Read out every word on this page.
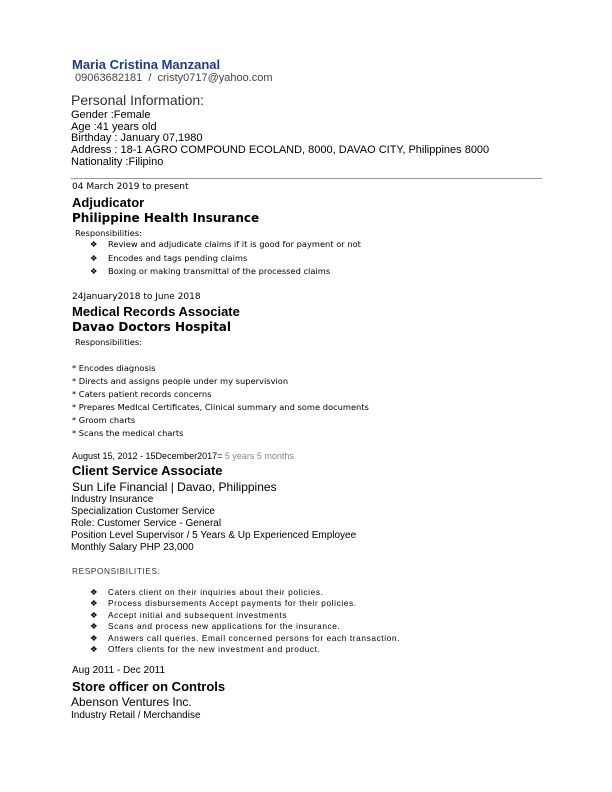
Maria Cristina Manzanal
09063682181 / cristy0717@yahoo.com
Personal Information:
Gender :Female
Age :41 years old
Birthday : January 07,1980
Address : 18-1 AGRO COMPOUND ECOLAND, 8000, DAVAO CITY, Philippines 8000
Nationality :Filipino
04 March 2019 to present
Adjudicator
Philippine Health Insurance
Responsibilities:
❖ Review and adjudicate claims if it is good for payment or not
❖ Encodes and tags pending claims
❖ Boxing or making transmittal of the processed claims
24January2018 to June 2018
Medical Records Associate
Davao Doctors Hospital
Responsibilities:
* Encodes diagnosis
* Directs and assigns people under my supervisvion
* Caters patient records concerns
* Prepares MedIcal Certificates, Clinical summary and some documents
* Groom charts
* Scans the medical charts
August 15, 2012 - 15December2017= 5 years 5 months
Client Service Associate
Sun Life Financial | Davao, Philippines
Industry Insurance
Specialization Customer Service
Role: Customer Service - General
Position Level Supervisor / 5 Years & Up Experienced Employee
Monthly Salary PHP 23,000
RESPONSIBILITIES:
❖ Caters client on their inquiries about their policies.
❖ Process disbursements Accept payments for their policies.
❖ Accept initial and subsequent investments
❖ Scans and process new applications for the insurance.
❖ Answers call queries. Email concerned persons for each transaction.
❖ Offers clients for the new investment and product.
Aug 2011 - Dec 2011
Store officer on Controls
Abenson Ventures Inc.
Industry Retail / Merchandise
